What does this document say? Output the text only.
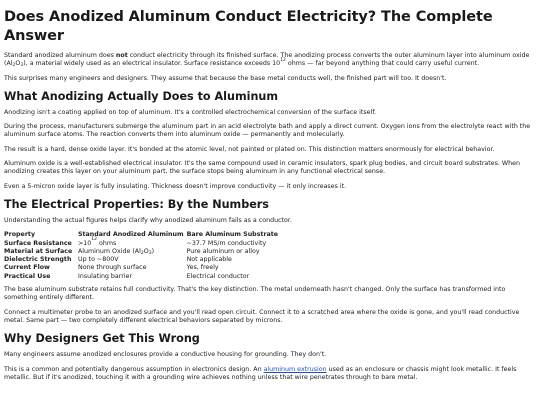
Does Anodized Aluminum Conduct Electricity? The Complete Answer

Standard anodized aluminum does not conduct electricity through its finished surface. The anodizing process converts the outer aluminum layer into aluminum oxide $(Al_2O_3)$, a material widely used as an electrical insulator. Surface resistance exceeds $10^{12}$ ohms — far beyond anything that could carry useful current.

This surprises many engineers and designers. They assume that because the base metal conducts well, the finished part will too. It doesn't.

What Anodizing Actually Does to Aluminum

Anodizing isn't a coating applied on top of aluminum. It's a controlled electrochemical conversion of the surface itself.

During the process, manufacturers submerge the aluminum part in an acid electrolyte bath and apply a direct current. Oxygen ions from the electrolyte react with the aluminum surface atoms. The reaction converts them into aluminum oxide — permanently and molecularly.

The result is a hard, dense oxide layer. It's bonded at the atomic level, not painted or plated on. This distinction matters enormously for electrical behavior.

Aluminum oxide is a well-established electrical insulator. It's the same compound used in ceramic insulators, spark plug bodies, and circuit board substrates. When anodizing creates this layer on your aluminum part, the surface stops being aluminum in any functional electrical sense.

Even a 5-micron oxide layer is fully insulating. Thickness doesn't improve conductivity — it only increases it.

The Electrical Properties: By the Numbers

Understanding the actual figures helps clarify why anodized aluminum fails as a conductor.

Property	Standard Anodized Aluminum	Bare Aluminum Substrate
Surface Resistance	$>10^{12}$ ohms	~37.7 MS/m conductivity
Material at Surface	Aluminum Oxide $(Al_2O_3)$	Pure aluminum or alloy
Dielectric Strength	Up to ~800V	Not applicable
Current Flow	None through surface	Yes, freely
Practical Use	Insulating barrier	Electrical conductor

The base aluminum substrate retains full conductivity. That's the key distinction. The metal underneath hasn't changed. Only the surface has transformed into something entirely different.

Connect a multimeter probe to an anodized surface and you'll read open circuit. Connect it to a scratched area where the oxide is gone, and you'll read conductive metal. Same part — two completely different electrical behaviors separated by microns.

Why Designers Get This Wrong

Many engineers assume anodized enclosures provide a conductive housing for grounding. They don't.

This is a common and potentially dangerous assumption in electronics design. An aluminum extrusion used as an enclosure or chassis might look metallic. It feels metallic. But if it's anodized, touching it with a grounding wire achieves nothing unless that wire penetrates through to bare metal.
